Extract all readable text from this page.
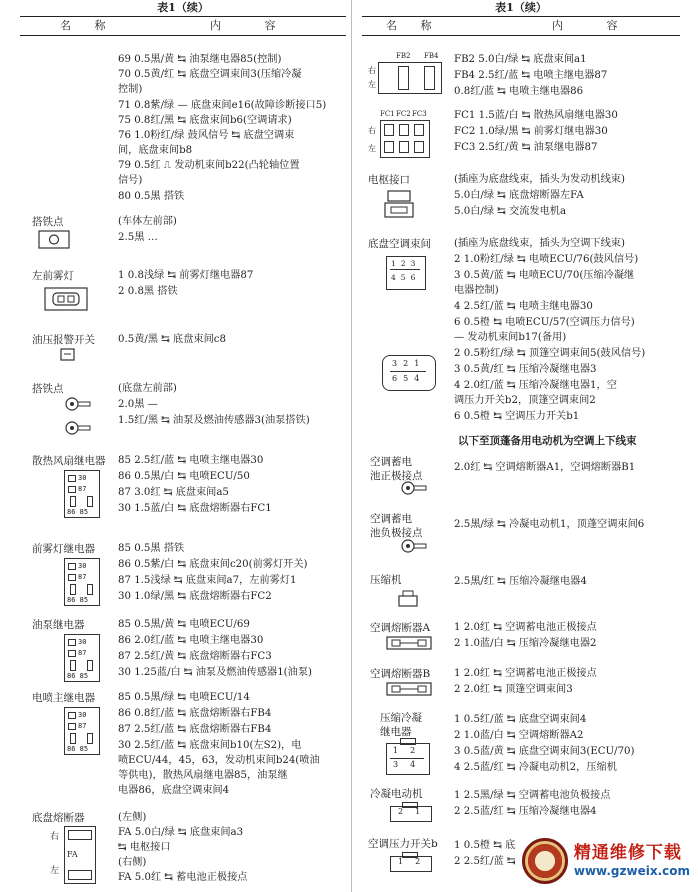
表1（续）
名 称	内 容
69 0.5黑/黄 ↹ 油泵继电器85(控制)
70 0.5黄/红 ↹ 底盘空调束间3(压缩冷凝
控制)
71 0.8紫/绿 — 底盘束间e16(故障诊断接口5)
75 0.8红/黑 ↹ 底盘束间b6(空调请求)
76 1.0粉红/绿 鼓风信号 ↹ 底盘空调束
间，底盘束间b8
79 0.5红 ⎍ 发动机束间b22(凸轮轴位置
信号)
80 0.5黑 搭铁
搭铁点	(车体左前部)
2.5黑 …
左前雾灯	1 0.8浅绿 ↹ 前雾灯继电器87
2 0.8黑 搭铁
油压报警开关 0.5黄/黑 ↹ 底盘束间c8
搭铁点	(底盘左前部)
2.0黑 —
1.5红/黑 ↹ 油泵及燃油传感器3(油泵搭铁)
散热风扇继电器
30
87
86 85
85 2.5红/蓝 ↹ 电喷主继电器30
86 0.5黑/白 ↹ 电喷ECU/50
87 3.0红 ↹ 底盘束间a5
30 1.5蓝/白 ↹ 底盘熔断器右FC1
前雾灯继电器
30
87
86 85
85 0.5黑 搭铁
86 0.5紫/白 ↹ 底盘束间c20(前雾灯开关)
87 1.5浅绿 ↹ 底盘束间a7，左前雾灯1
30 1.0绿/黑 ↹ 底盘熔断器右FC2
油泵继电器
30
87
86 85
85 0.5黑/黄 ↹ 电喷ECU/69
86 2.0红/蓝 ↹ 电喷主继电器30
87 2.5红/黄 ↹ 底盘熔断器右FC3
30 1.25蓝/白 ↹ 油泵及燃油传感器1(油泵)
电喷主继电器
30
87
86 85
85 0.5黑/绿 ↹ 电喷ECU/14
86 0.8红/蓝 ↹ 底盘熔断器右FB4
87 2.5红/蓝 ↹ 底盘熔断器右FB4
30 2.5红/蓝 ↹ 底盘束间b10(左S2)，电
喷ECU/44，45，63，发动机束间b24(喷油
等供电)，散热风扇继电器85，油泵继
电器86，底盘空调束间4
底盘熔断器
右
左
FA
(左侧)
FA 5.0白/绿 ↹ 底盘束间a3
↹ 电枢接口
(右侧)
FA 5.0红 ↹ 蓄电池正极接点
表1（续）
名 称	内 容
右
左
FB2 FB4 FB2 5.0白/绿 ↹ 底盘束间a1
FB4 2.5红/蓝 ↹ 电喷主继电器87
0.8红/蓝 ↹ 电喷主继电器86
右
左
FC1 FC2 FC3	FC1 1.5蓝/白 ↹ 散热风扇继电器30
FC2 1.0绿/黑 ↹ 前雾灯继电器30
FC3 2.5红/黄 ↹ 油泵继电器87
电枢接口	(插座为底盘线束，插头为发动机线束)
5.0白/绿 ↹ 底盘熔断器左FA
5.0白/绿 ↹ 交流发电机a
底盘空调束间
123
456
(插座为底盘线束，插头为空调下线束)
2 1.0粉红/绿 ↹ 电喷ECU/76(鼓风信号)
3 0.5黄/蓝 ↹ 电喷ECU/70(压缩冷凝继
电器控制)
4 2.5红/蓝 ↹ 电喷主继电器30
6 0.5橙 ↹ 电喷ECU/57(空调压力信号)
— 发动机束间b17(备用)
321
654
2 0.5粉红/绿 ↹ 顶篷空调束间5(鼓风信号)
3 0.5黄/红 ↹ 压缩冷凝继电器3
4 2.0红/蓝 ↹ 压缩冷凝继电器1，空
调压力开关b2，顶篷空调束间2
6 0.5橙 ↹ 空调压力开关b1
以下至顶蓬备用电动机为空调上下线束
空调蓄电
池正极接点
2.0红 ↹ 空调熔断器A1，空调熔断器B1
空调蓄电
池负极接点
2.5黑/绿 ↹ 冷凝电动机1，顶蓬空调束间6
压缩机	2.5黑/红 ↹ 压缩冷凝继电器4
空调熔断器A 1 2.0红 ↹ 空调蓄电池正极接点
2 1.0蓝/白 ↹ 压缩冷凝继电器2
空调熔断器B 1 2.0红 ↹ 空调蓄电池正极接点
2 2.0红 ↹ 顶篷空调束间3
压缩冷凝
继电器
12
34
1 0.5红/蓝 ↹ 底盘空调束间4
2 1.0蓝/白 ↹ 空调熔断器A2
3 0.5蓝/黄 ↹ 底盘空调束间3(ECU/70)
4 2.5蓝/红 ↹ 冷凝电动机2，压缩机
冷凝电动机
21
1 2.5黑/绿 ↹ 空调蓄电池负极接点
2 2.5蓝/红 ↹ 压缩冷凝继电器4
空调压力开关b
12
1 0.5橙 ↹ 底
2 2.5红/蓝 ↹	精通维修下载
www.gzweix.com
